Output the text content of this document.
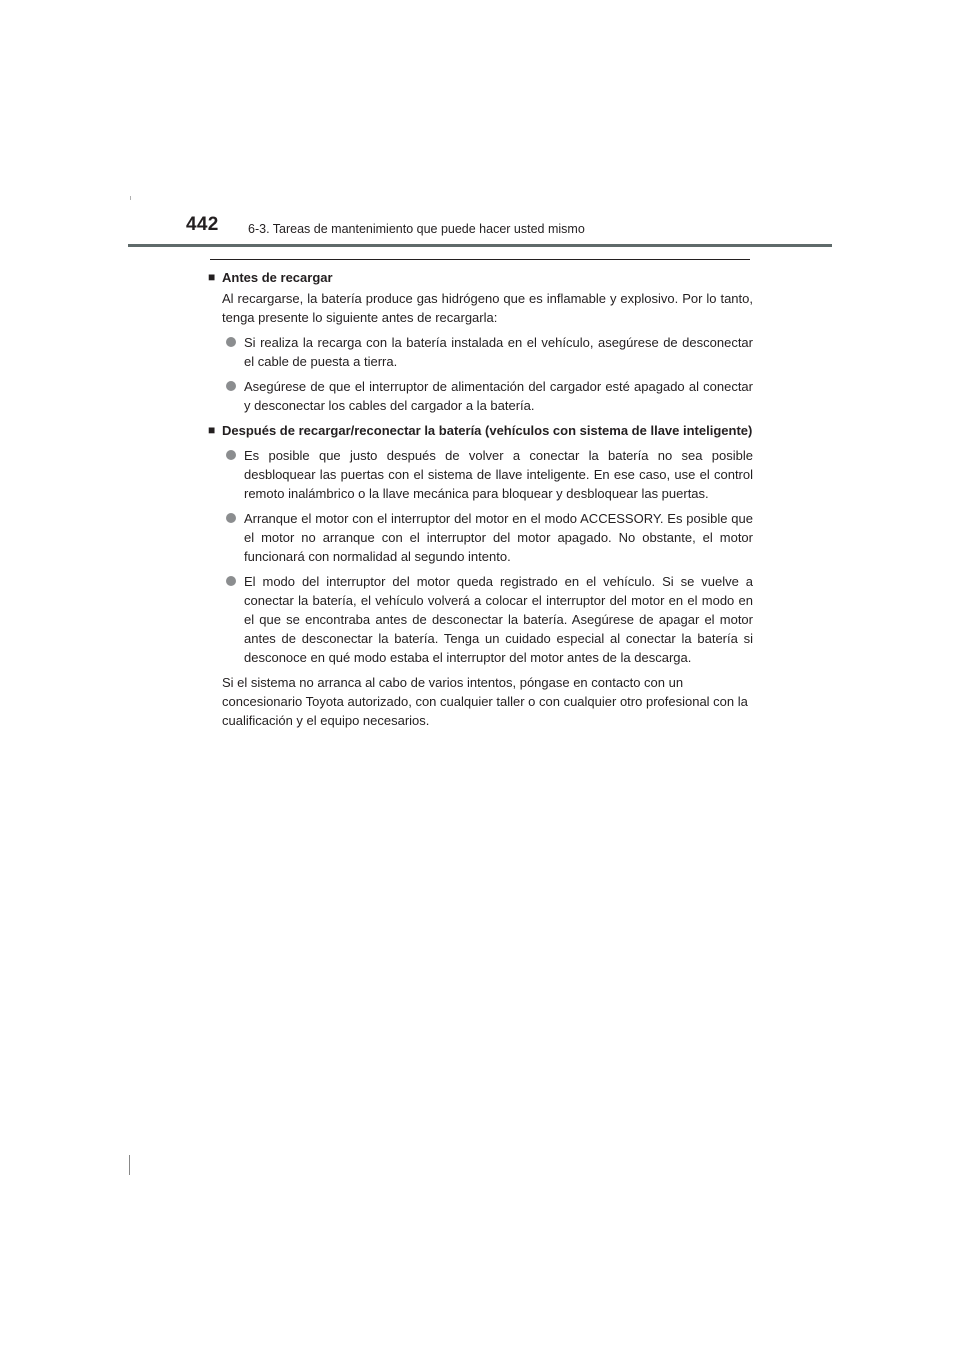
442 6-3. Tareas de mantenimiento que puede hacer usted mismo
■ Antes de recargar
Al recargarse, la batería produce gas hidrógeno que es inflamable y explosivo. Por lo tanto, tenga presente lo siguiente antes de recargarla:
Si realiza la recarga con la batería instalada en el vehículo, asegúrese de desconectar el cable de puesta a tierra.
Asegúrese de que el interruptor de alimentación del cargador esté apagado al conectar y desconectar los cables del cargador a la batería.
■ Después de recargar/reconectar la batería (vehículos con sistema de llave inteligente)
Es posible que justo después de volver a conectar la batería no sea posible desbloquear las puertas con el sistema de llave inteligente. En ese caso, use el control remoto inalámbrico o la llave mecánica para bloquear y desbloquear las puertas.
Arranque el motor con el interruptor del motor en el modo ACCESSORY. Es posible que el motor no arranque con el interruptor del motor apagado. No obstante, el motor funcionará con normalidad al segundo intento.
El modo del interruptor del motor queda registrado en el vehículo. Si se vuelve a conectar la batería, el vehículo volverá a colocar el interruptor del motor en el modo en el que se encontraba antes de desconectar la batería. Asegúrese de apagar el motor antes de desconectar la batería. Tenga un cuidado especial al conectar la batería si desconoce en qué modo estaba el interruptor del motor antes de la descarga.
Si el sistema no arranca al cabo de varios intentos, póngase en contacto con un concesionario Toyota autorizado, con cualquier taller o con cualquier otro profesional con la cualificación y el equipo necesarios.
